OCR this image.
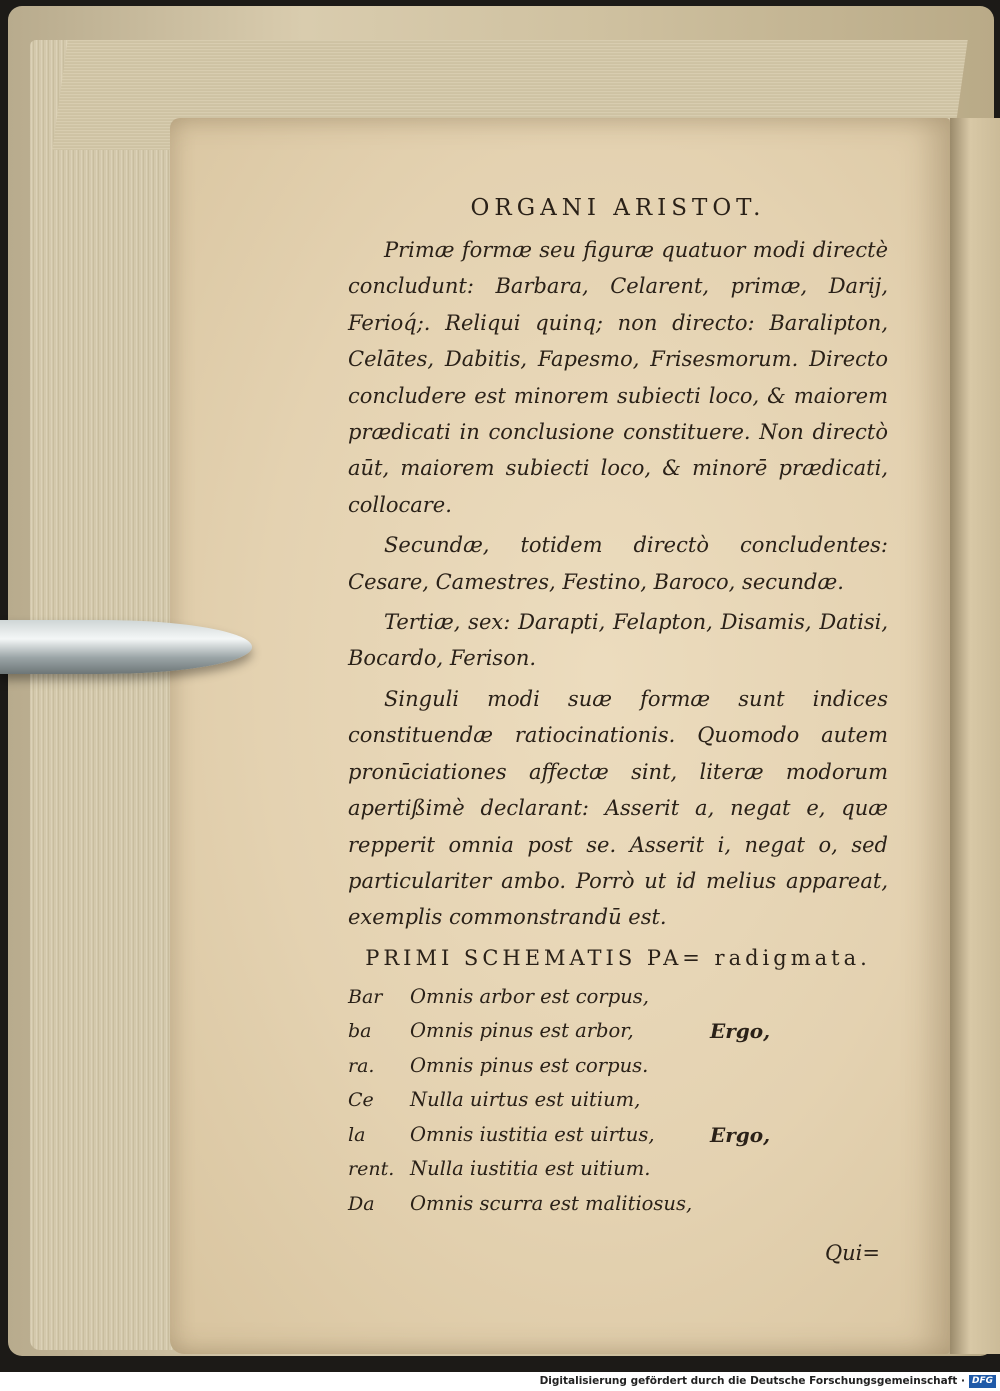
ORGANI ARISTOT.

Primæ formæ seu figuræ quatuor modi directè concludunt: Barbara, Celarent, primæ, Darij, Ferioq́;. Reliqui quinq; non directo: Baralipton, Celātes, Dabitis, Fapesmo, Frisesmorum. Directo concludere est minorem subiecti loco, & maiorem prædicati in conclusione constituere. Non directò aūt, maiorem subiecti loco, & minorē prædicati, collocare.

Secundæ, totidem directò concludentes: Cesare, Camestres, Festino, Baroco, secundæ.

Tertiæ, sex: Darapti, Felapton, Disamis, Datisi, Bocardo, Ferison.

Singuli modi suæ formæ sunt indices constituendæ ratiocinationis. Quomodo autem pronūciationes affectæ sint, literæ modorum apertißimè declarant: Asserit a, negat e, quæ repperit omnia post se. Asserit i, negat o, sed particulariter ambo. Porrò ut id melius appareat, exemplis commonstrandū est.

PRIMI SCHEMATIS PA= radigmata.
Bar	Omnis arbor est corpus,
ba	Omnis pinus est arbor,	Ergo,
ra.	Omnis pinus est corpus.
Ce	Nulla uirtus est uitium,
la	Omnis iustitia est uirtus,	Ergo,
rent. Nulla iustitia est uitium.
Da	Omnis scurra est malitiosus,
Qui=
Digitalisierung gefördert durch die Deutsche Forschungsgemeinschaft · DFG
